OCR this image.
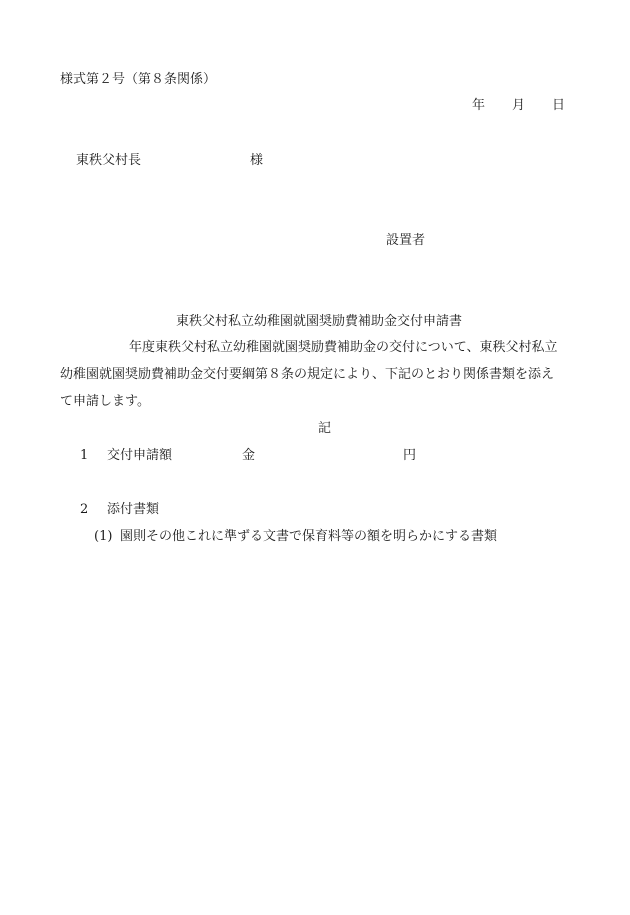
様式第２号（第８条関係）
年 月 日
東秩父村長	様
設置者
東秩父村私立幼稚園就園奨励費補助金交付申請書
年度東秩父村私立幼稚園就園奨励費補助金の交付について、東秩父村私立
幼稚園就園奨励費補助金交付要綱第８条の規定により、下記のとおり関係書類を添え
て申請します。
記
1 交付申請額	金	円
2 添付書類
(1) 園則その他これに準ずる文書で保育料等の額を明らかにする書類
